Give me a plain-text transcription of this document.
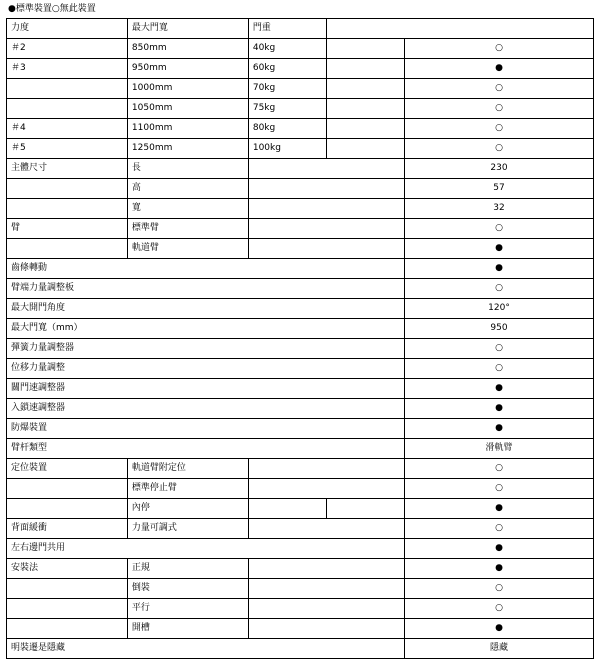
●標準裝置○無此裝置
力度	最大門寬	門重		
＃2	850mm	40kg		○
＃3	950mm	60kg		●
	1000mm	70kg		○
	1050mm	75kg		○
＃4	1100mm	80kg		○
＃5	1250mm	100kg		○
主體尺寸	長			230
	高			57
	寬			32
臂	標準臂			○
	軌道臂			●
齒條轉動				●
臂端力量調整板				○
最大開門角度				120°
最大門寬（mm）				950
彈簧力量調整器				○
位移力量調整				○
關門速調整器				●
入鎖速調整器				●
防爆裝置				●
臂杆類型				滑軌臂
定位裝置	軌道臂附定位			○
	標準停止臂			○
	內停			●
背面緩衝	力量可調式			○
左右邊門共用				●
安裝法	正規			●
	倒裝			○
	平行			○
	開槽			●
明裝遷是隱藏				隱藏
